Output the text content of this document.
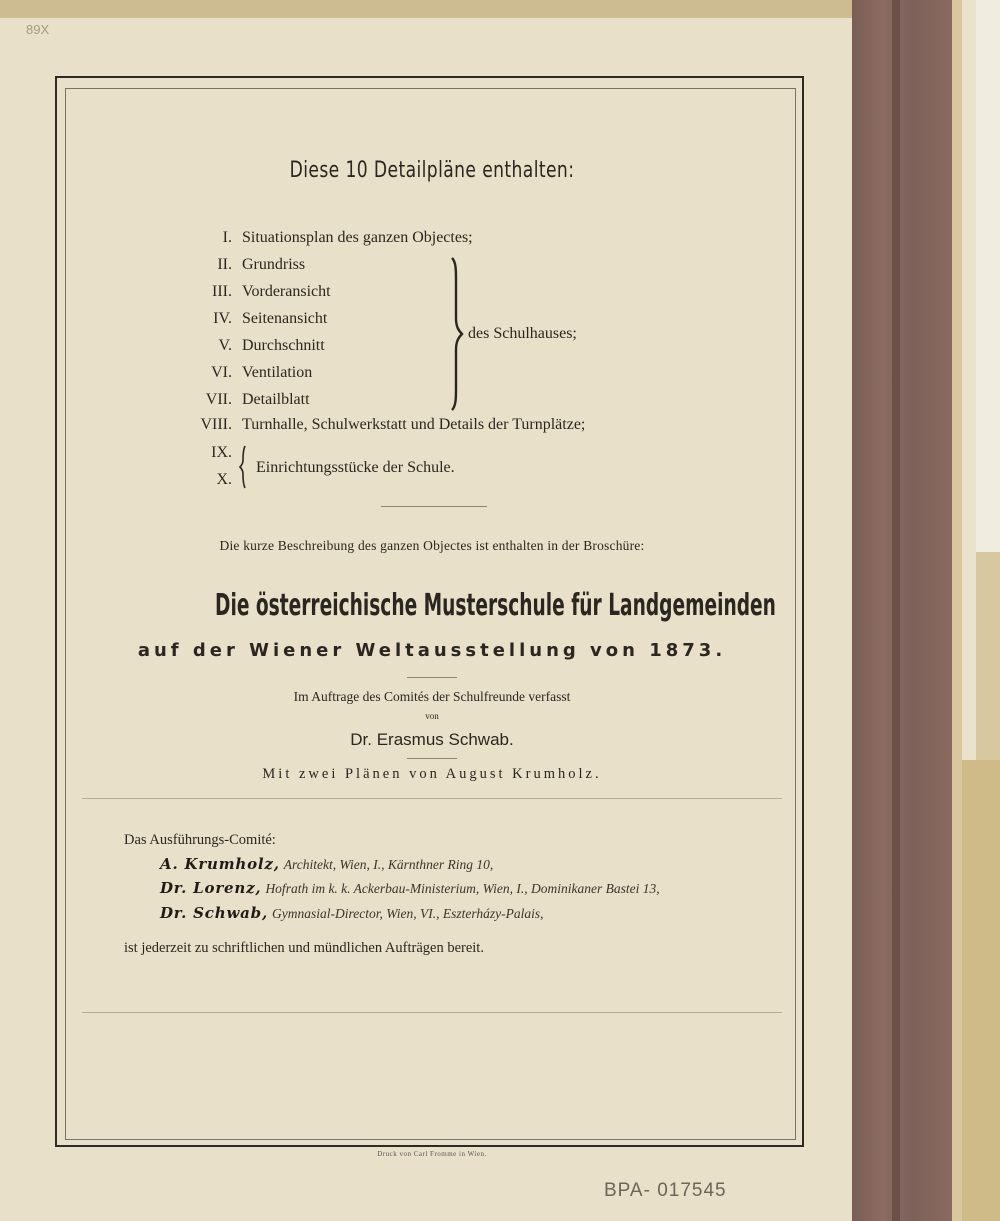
89X
Diese 10 Detailpläne enthalten:
I. Situationsplan des ganzen Objectes;
II. Grundriss
III. Vorderansicht
IV. Seitenansicht
V. Durchschnitt
VI. Ventilation
VII. Detailblatt
VIII. Turnhalle, Schulwerkstatt und Details der Turnplätze;
IX.
X.
des Schulhauses;
Einrichtungsstücke der Schule.
Die kurze Beschreibung des ganzen Objectes ist enthalten in der Broschüre:
Die österreichische Musterschule für Landgemeinden
auf der Wiener Weltausstellung von 1873.
Im Auftrage des Comités der Schulfreunde verfasst
von
Dr. Erasmus Schwab.
Mit zwei Plänen von August Krumholz.
Das Ausführungs-Comité:
A. Krumholz, Architekt, Wien, I., Kärnthner Ring 10,
Dr. Lorenz, Hofrath im k. k. Ackerbau-Ministerium, Wien, I., Dominikaner Bastei 13,
Dr. Schwab, Gymnasial-Director, Wien, VI., Eszterházy-Palais,
ist jederzeit zu schriftlichen und mündlichen Aufträgen bereit.
Druck von Carl Fromme in Wien.
BPA- 017545
